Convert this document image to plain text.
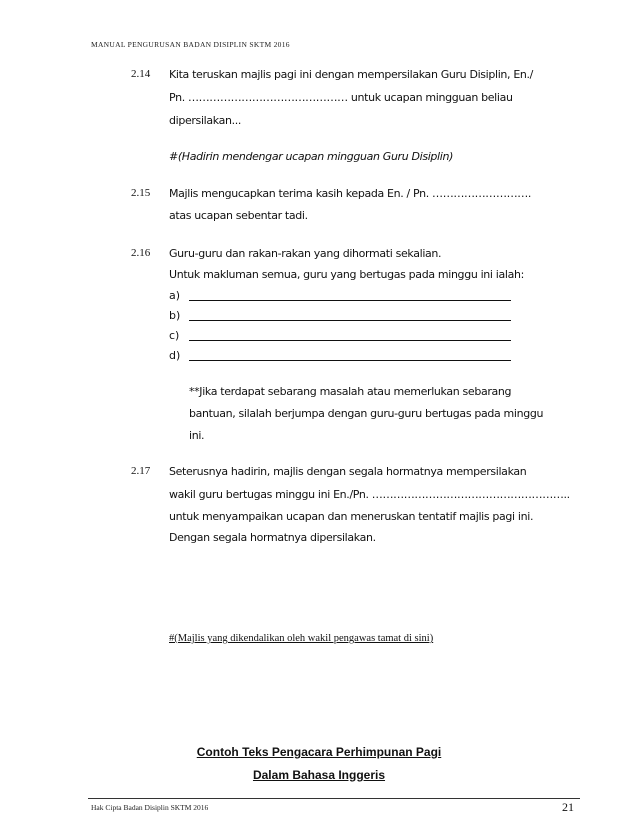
MANUAL PENGURUSAN BADAN DISIPLIN SKTM 2016
2.14 Kita teruskan majlis pagi ini dengan mempersilakan Guru Disiplin, En./
Pn. ……………………………………… untuk ucapan mingguan beliau
dipersilakan...
#(Hadirin mendengar ucapan mingguan Guru Disiplin)
2.15 Majlis mengucapkan terima kasih kepada En. / Pn. ……………………….
atas ucapan sebentar tadi.
2.16 Guru-guru dan rakan-rakan yang dihormati sekalian.
Untuk makluman semua, guru yang bertugas pada minggu ini ialah:
a)
b)
c)
d)
**Jika terdapat sebarang masalah atau memerlukan sebarang
bantuan, silalah berjumpa dengan guru-guru bertugas pada minggu
ini.
2.17 Seterusnya hadirin, majlis dengan segala hormatnya mempersilakan
wakil guru bertugas minggu ini En./Pn. ………………………………………………..
untuk menyampaikan ucapan dan meneruskan tentatif majlis pagi ini.
Dengan segala hormatnya dipersilakan.
#(Majlis yang dikendalikan oleh wakil pengawas tamat di sini)
Contoh Teks Pengacara Perhimpunan Pagi
Dalam Bahasa Inggeris
Hak Cipta Badan Disiplin SKTM 2016	21
